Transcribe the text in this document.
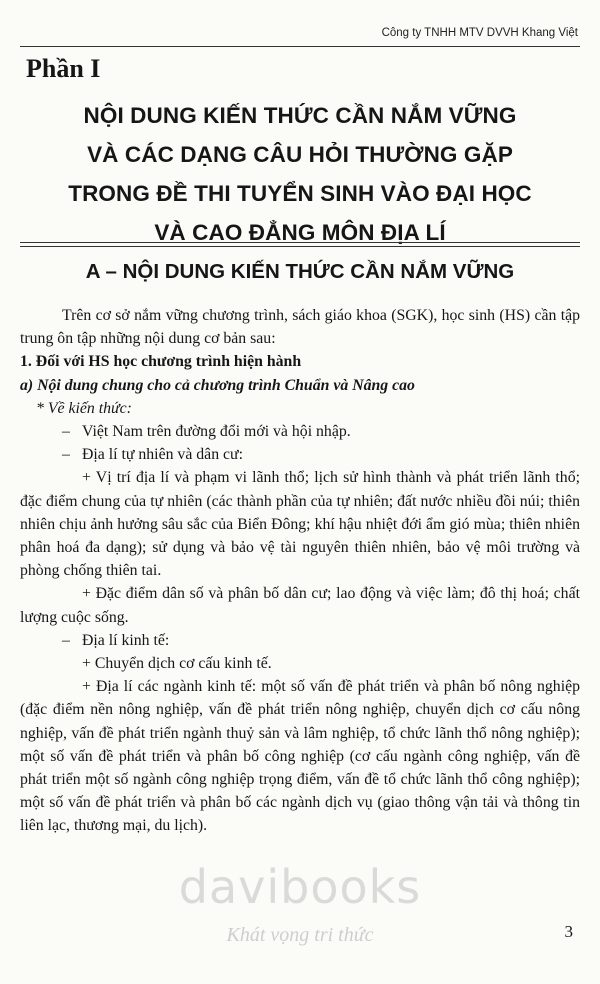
Công ty TNHH MTV DVVH Khang Việt
Phần I
NỘI DUNG KIẾN THỨC CẦN NẮM VỮNG
VÀ CÁC DẠNG CÂU HỎI THƯỜNG GẶP
TRONG ĐỀ THI TUYỂN SINH VÀO ĐẠI HỌC
VÀ CAO ĐẲNG MÔN ĐỊA LÍ
A – NỘI DUNG KIẾN THỨC CẦN NẮM VỮNG

Trên cơ sở nắm vững chương trình, sách giáo khoa (SGK), học sinh (HS) cần tập trung ôn tập những nội dung cơ bản sau:

1. Đối với HS học chương trình hiện hành

a) Nội dung chung cho cả chương trình Chuẩn và Nâng cao

* Về kiến thức:

– Việt Nam trên đường đổi mới và hội nhập.

– Địa lí tự nhiên và dân cư:

+ Vị trí địa lí và phạm vi lãnh thổ; lịch sử hình thành và phát triển lãnh thổ; đặc điểm chung của tự nhiên (các thành phần của tự nhiên; đất nước nhiều đồi núi; thiên nhiên chịu ảnh hưởng sâu sắc của Biển Đông; khí hậu nhiệt đới ẩm gió mùa; thiên nhiên phân hoá đa dạng); sử dụng và bảo vệ tài nguyên thiên nhiên, bảo vệ môi trường và phòng chống thiên tai.

+ Đặc điểm dân số và phân bố dân cư; lao động và việc làm; đô thị hoá; chất lượng cuộc sống.

– Địa lí kinh tế:

+ Chuyển dịch cơ cấu kinh tế.

+ Địa lí các ngành kinh tế: một số vấn đề phát triển và phân bố nông nghiệp (đặc điểm nền nông nghiệp, vấn đề phát triển nông nghiệp, chuyển dịch cơ cấu nông nghiệp, vấn đề phát triển ngành thuỷ sản và lâm nghiệp, tổ chức lãnh thổ nông nghiệp); một số vấn đề phát triển và phân bố công nghiệp (cơ cấu ngành công nghiệp, vấn đề phát triển một số ngành công nghiệp trọng điểm, vấn đề tổ chức lãnh thổ công nghiệp); một số vấn đề phát triển và phân bố các ngành dịch vụ (giao thông vận tải và thông tin liên lạc, thương mại, du lịch).

davibooks
Khát vọng tri thức	3
